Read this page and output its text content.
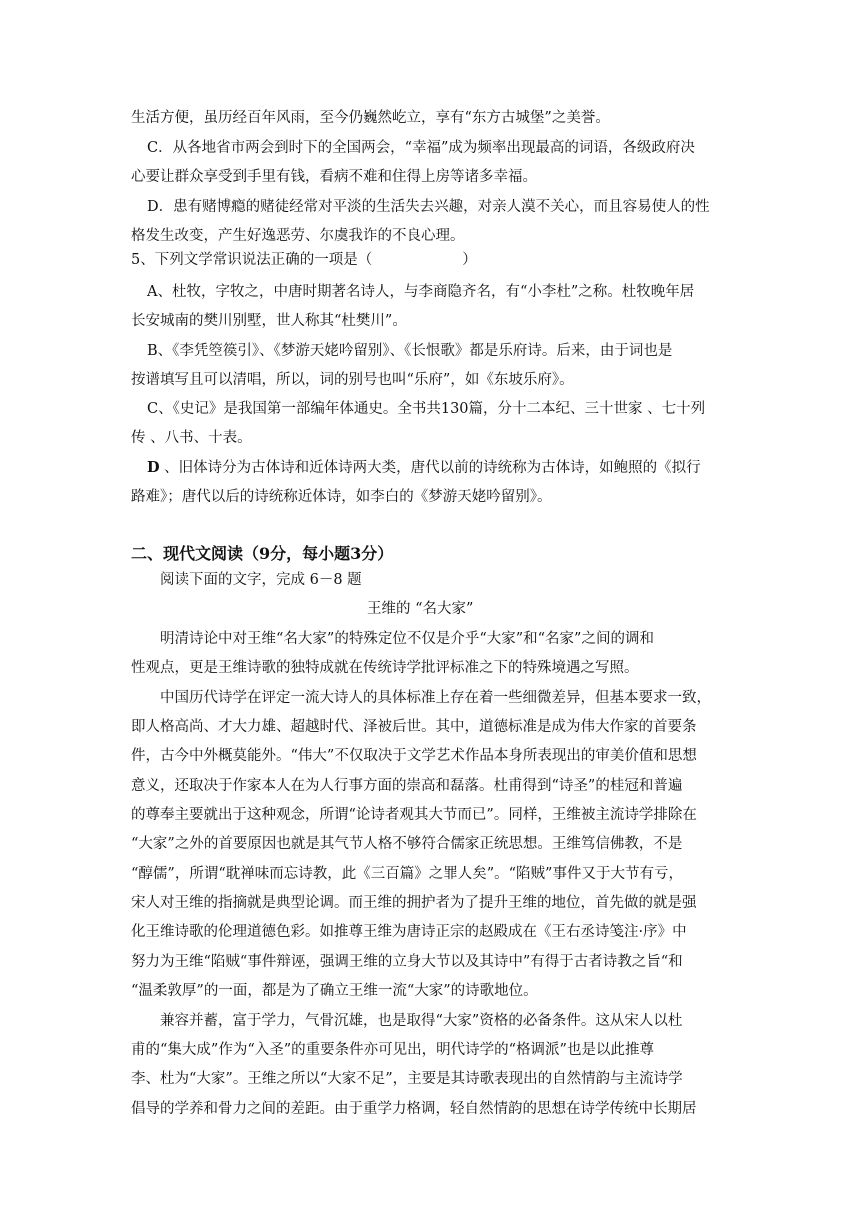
生活方便，虽历经百年风雨，至今仍巍然屹立，享有“东方古城堡”之美誉。
C．从各地省市两会到时下的全国两会，“幸福”成为频率出现最高的词语，各级政府决
心要让群众享受到手里有钱，看病不难和住得上房等诸多幸福。
D．患有赌博瘾的赌徒经常对平淡的生活失去兴趣，对亲人漠不关心，而且容易使人的性
格发生改变，产生好逸恶劳、尔虞我诈的不良心理。
5、下列文学常识说法正确的一项是（	）
A、杜牧，字牧之，中唐时期著名诗人，与李商隐齐名，有“小李杜”之称。杜牧晚年居
长安城南的樊川别墅，世人称其“杜樊川”。
B、《李凭箜篌引》、《梦游天姥吟留别》、《长恨歌》都是乐府诗。后来，由于词也是
按谱填写且可以清唱，所以，词的别号也叫“乐府”，如《东坡乐府》。
C、《史记》是我国第一部编年体通史。全书共130篇，分十二本纪、三十世家 、七十列
传 、八书、十表。
D 、旧体诗分为古体诗和近体诗两大类，唐代以前的诗统称为古体诗，如鲍照的《拟行
路难》；唐代以后的诗统称近体诗，如李白的《梦游天姥吟留别》。
二、现代文阅读（9分，每小题3分）
阅读下面的文字，完成 6－8 题
王维的 “名大家”
明清诗论中对王维“名大家”的特殊定位不仅是介乎“大家”和“名家”之间的调和
性观点，更是王维诗歌的独特成就在传统诗学批评标准之下的特殊境遇之写照。
中国历代诗学在评定一流大诗人的具体标准上存在着一些细微差异，但基本要求一致，
即人格高尚、才大力雄、超越时代、泽被后世。其中，道德标准是成为伟大作家的首要条
件，古今中外概莫能外。“伟大”不仅取决于文学艺术作品本身所表现出的审美价值和思想
意义，还取决于作家本人在为人行事方面的崇高和磊落。杜甫得到“诗圣”的桂冠和普遍
的尊奉主要就出于这种观念，所谓“论诗者观其大节而已”。同样，王维被主流诗学排除在
“大家”之外的首要原因也就是其气节人格不够符合儒家正统思想。王维笃信佛教，不是
“醇儒”，所谓“耽禅味而忘诗教，此《三百篇》之罪人矣”。“陷贼”事件又于大节有亏，
宋人对王维的指摘就是典型论调。而王维的拥护者为了提升王维的地位，首先做的就是强
化王维诗歌的伦理道德色彩。如推尊王维为唐诗正宗的赵殿成在《王右丞诗笺注·序》中
努力为王维“陷贼“事件辩诬，强调王维的立身大节以及其诗中”有得于古者诗教之旨“和
“温柔敦厚”的一面，都是为了确立王维一流“大家”的诗歌地位。
兼容并蓄，富于学力，气骨沉雄，也是取得“大家”资格的必备条件。这从宋人以杜
甫的“集大成”作为“入圣”的重要条件亦可见出，明代诗学的“格调派”也是以此推尊
李、杜为“大家”。王维之所以“大家不足”，主要是其诗歌表现出的自然情韵与主流诗学
倡导的学养和骨力之间的差距。由于重学力格调，轻自然情韵的思想在诗学传统中长期居
